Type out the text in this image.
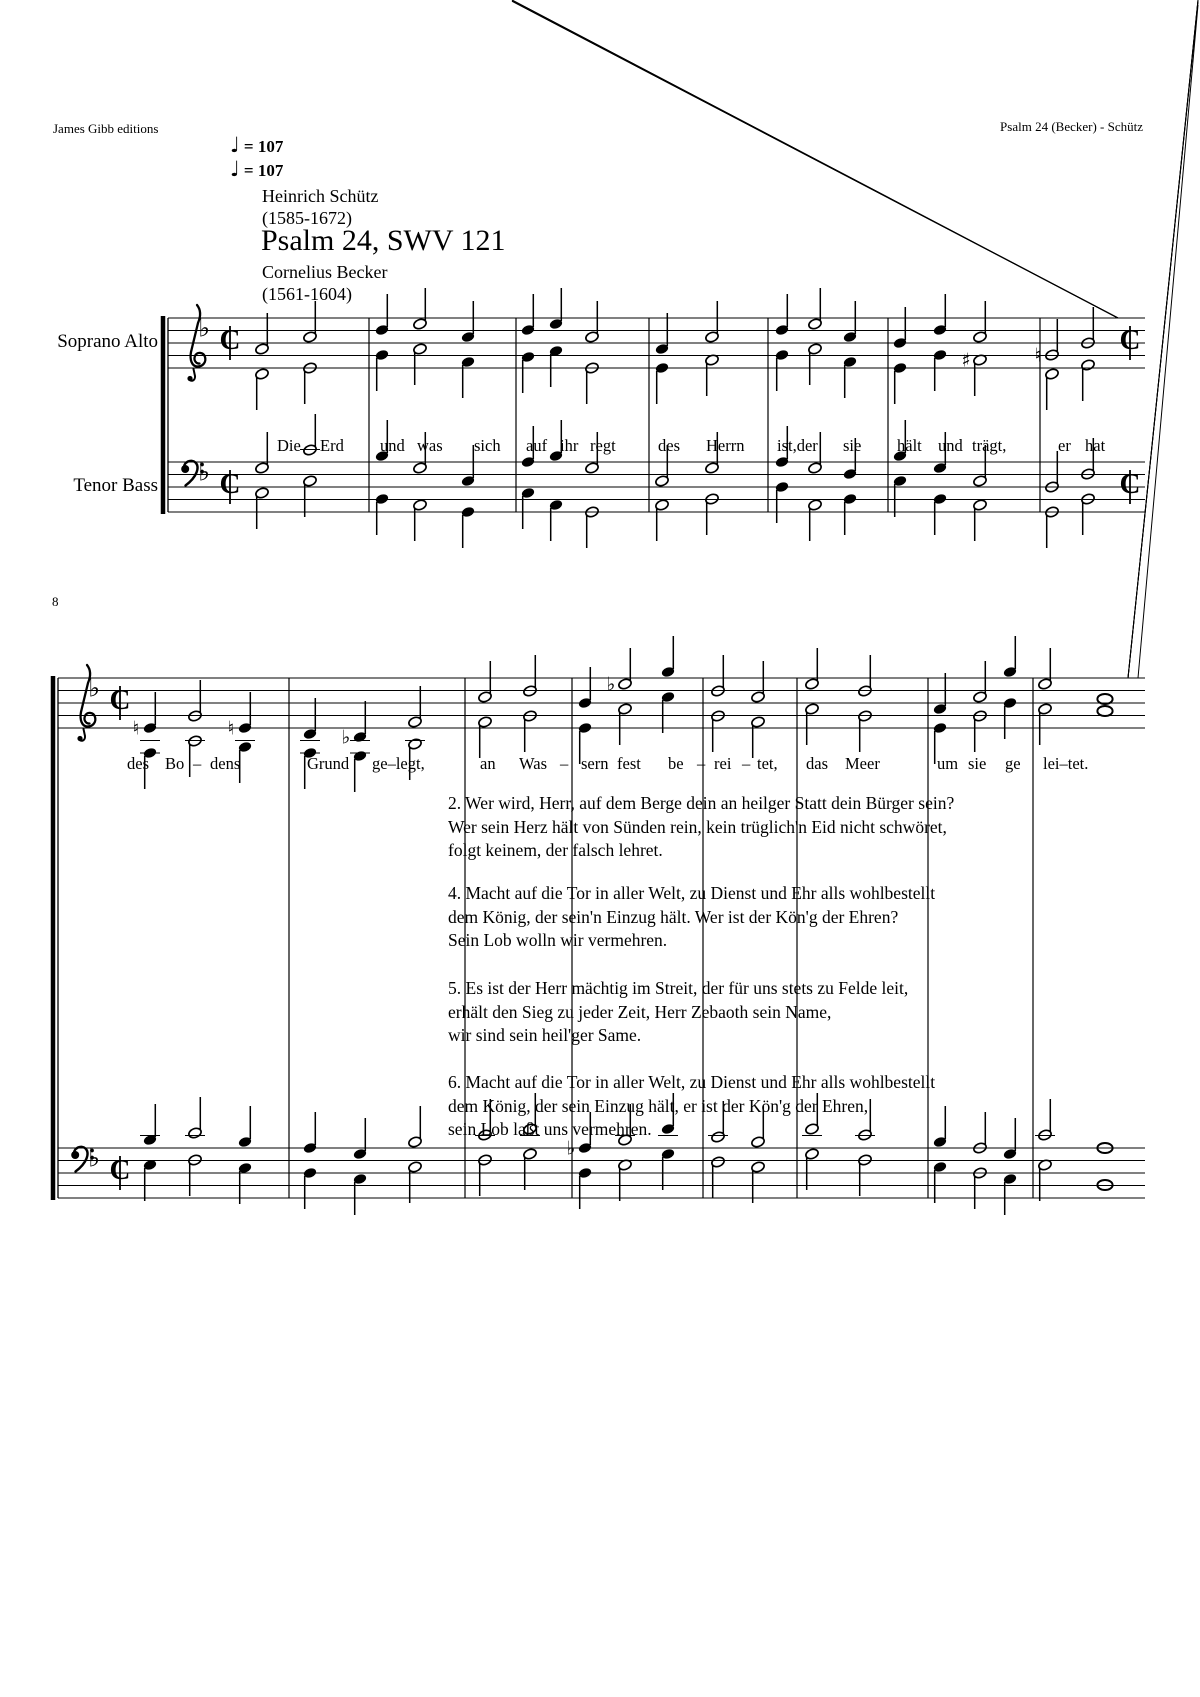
♭ C
♭ C
♭ C
♭ C
C
C
♯	♮
♮	♮	♭
♭
♭
James Gibb editions	Psalm 24 (Becker) - Schütz
♩ = 107
♩ = 107
Heinrich Schütz
(1585-1672)
Psalm 24, SWV 121
Cornelius Becker
(1561-1604)
Soprano Alto
Tenor Bass
8
Die Erd und was sich auf ihr regt	des Herrn ist,der sie hält und trägt,	er hat
des Bo – dens	Grund ge–legt,	an Was – sern fest be – rei – tet, das Meer	um sie ge lei–tet.
2. Wer wird, Herr, auf dem Berge dein an heilger Statt dein Bürger sein?
Wer sein Herz hält von Sünden rein, kein trüglich'n Eid nicht schwöret,
folgt keinem, der falsch lehret.
4. Macht auf die Tor in aller Welt, zu Dienst und Ehr alls wohlbestellt
dem König, der sein'n Einzug hält. Wer ist der Kön'g der Ehren?
Sein Lob wolln wir vermehren.
5. Es ist der Herr mächtig im Streit, der für uns stets zu Felde leit,
erhält den Sieg zu jeder Zeit, Herr Zebaoth sein Name,
wir sind sein heil'ger Same.
6. Macht auf die Tor in aller Welt, zu Dienst und Ehr alls wohlbestellt
dem König, der sein Einzug hält, er ist der Kön'g der Ehren,
sein Lob laßt uns vermehren.
